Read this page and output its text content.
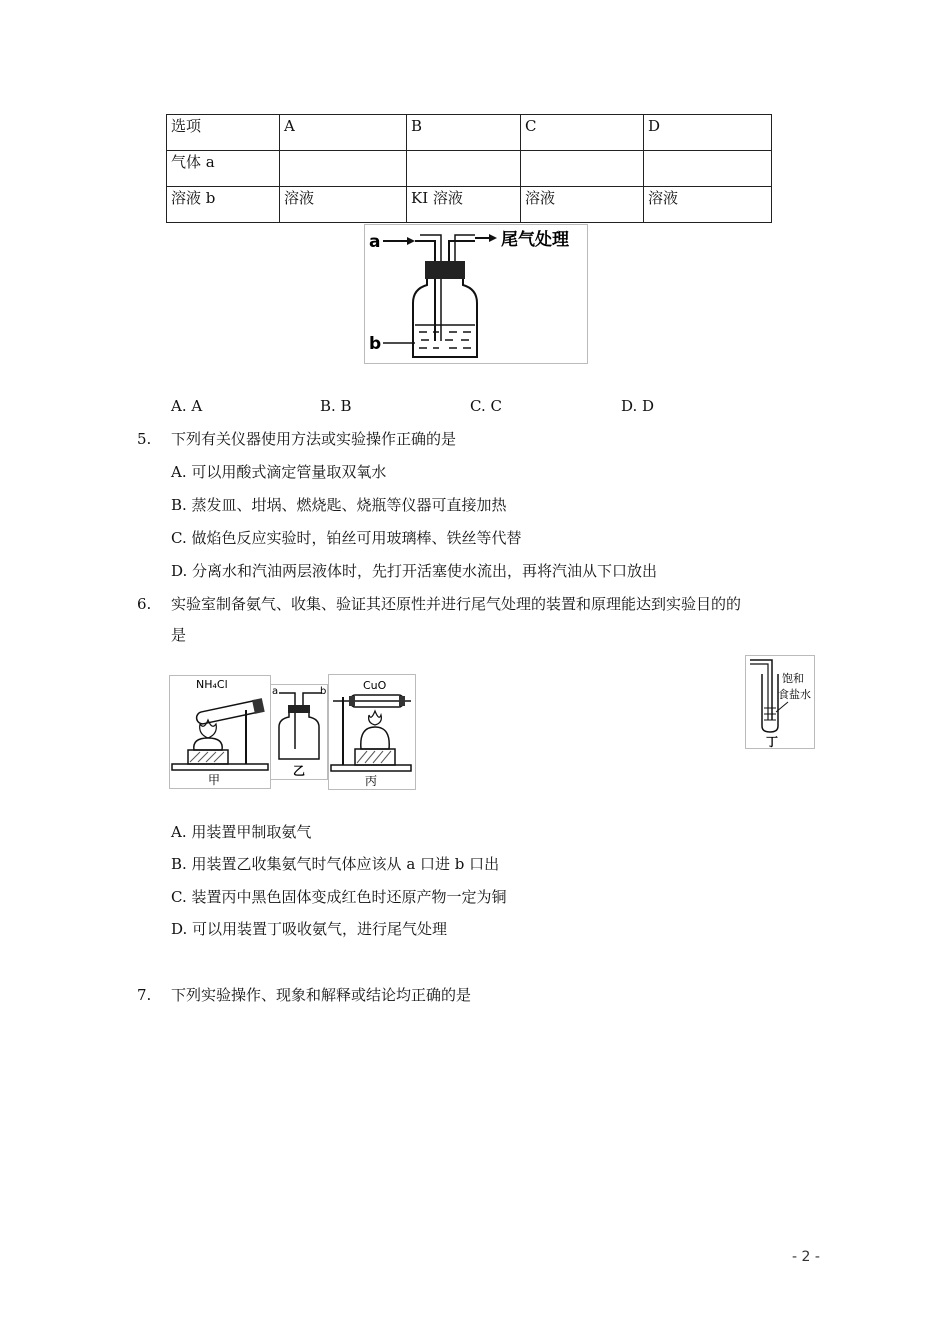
选项	A	B	C	D
气体 a				
溶液 b	溶液	KI 溶液	溶液	溶液
a	尾气处理
b
A. A	B. B	C. C	D. D
5. 下列有关仪器使用方法或实验操作正确的是
A. 可以用酸式滴定管量取双氧水
B. 蒸发皿、坩埚、燃烧匙、烧瓶等仪器可直接加热
C. 做焰色反应实验时，铂丝可用玻璃棒、铁丝等代替
D. 分离水和汽油两层液体时，先打开活塞使水流出，再将汽油从下口放出
6. 实验室制备氨气、收集、验证其还原性并进行尾气处理的装置和原理能达到实验目的的
是
NH₄Cl
甲
a	b
乙
CuO
丙
饱和
食盐水
丁
A. 用装置甲制取氨气
B. 用装置乙收集氨气时气体应该从 a 口进 b 口出
C. 装置丙中黑色固体变成红色时还原产物一定为铜
D. 可以用装置丁吸收氨气，进行尾气处理
7. 下列实验操作、现象和解释或结论均正确的是
- 2 -
